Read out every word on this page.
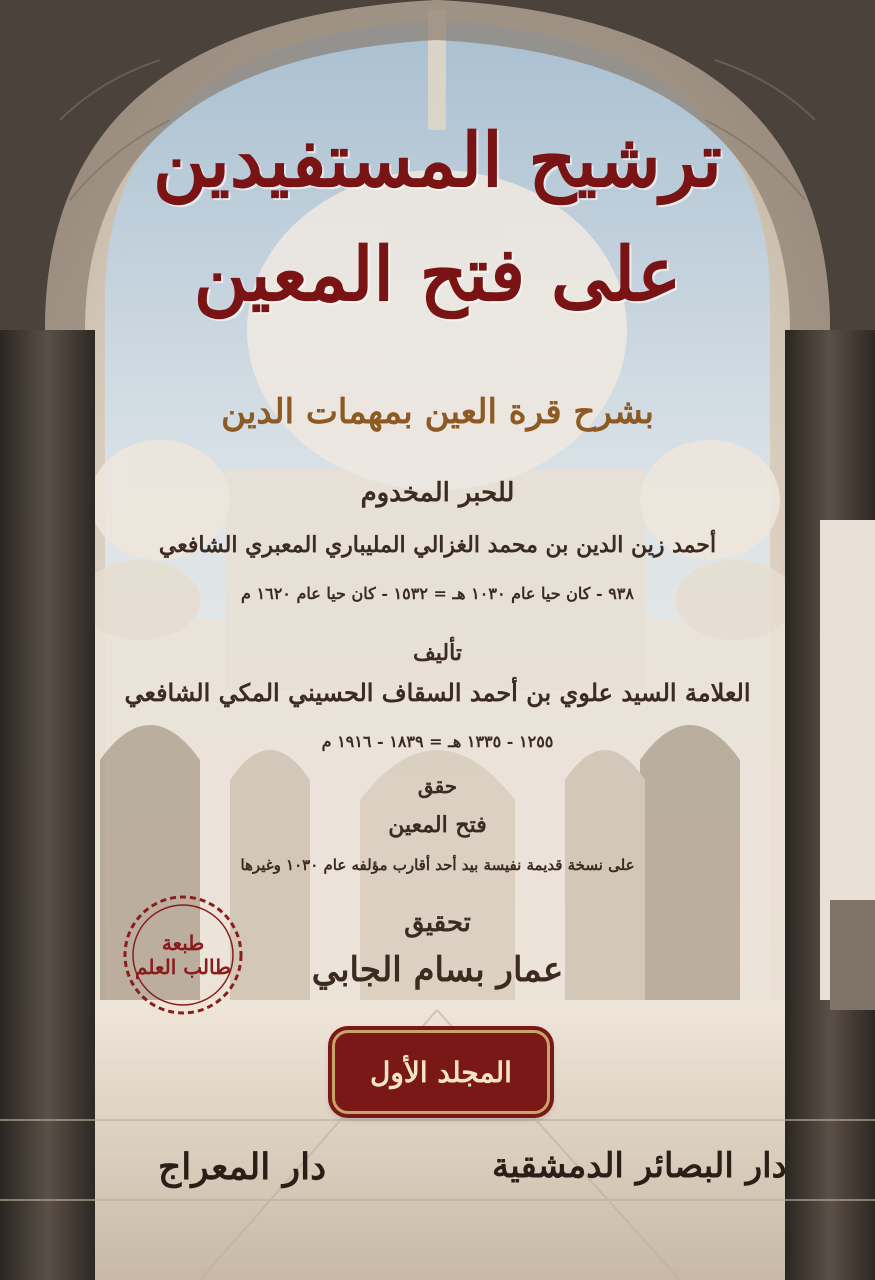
ترشيح المستفيدين
على فتح المعين
بشرح قرة العين بمهمات الدين
للحبر المخدوم
أحمد زين الدين بن محمد الغزالي المليباري المعبري الشافعي
٩٣٨ - كان حيا عام ١٠٣٠ هـ = ١٥٣٢ - كان حيا عام ١٦٢٠ م
تأليف
العلامة السيد علوي بن أحمد السقاف الحسيني المكي الشافعي
١٢٥٥ - ١٣٣٥ هـ = ١٨٣٩ - ١٩١٦ م
حقق
فتح المعين
على نسخة قديمة نفيسة بيد أحد أقارب مؤلفه عام ١٠٣٠ وغيرها
تحقيق
عمار بسام الجابي
طبعة
طالب العلم
المجلد الأول
دار المعراج	دار البصائر الدمشقية
